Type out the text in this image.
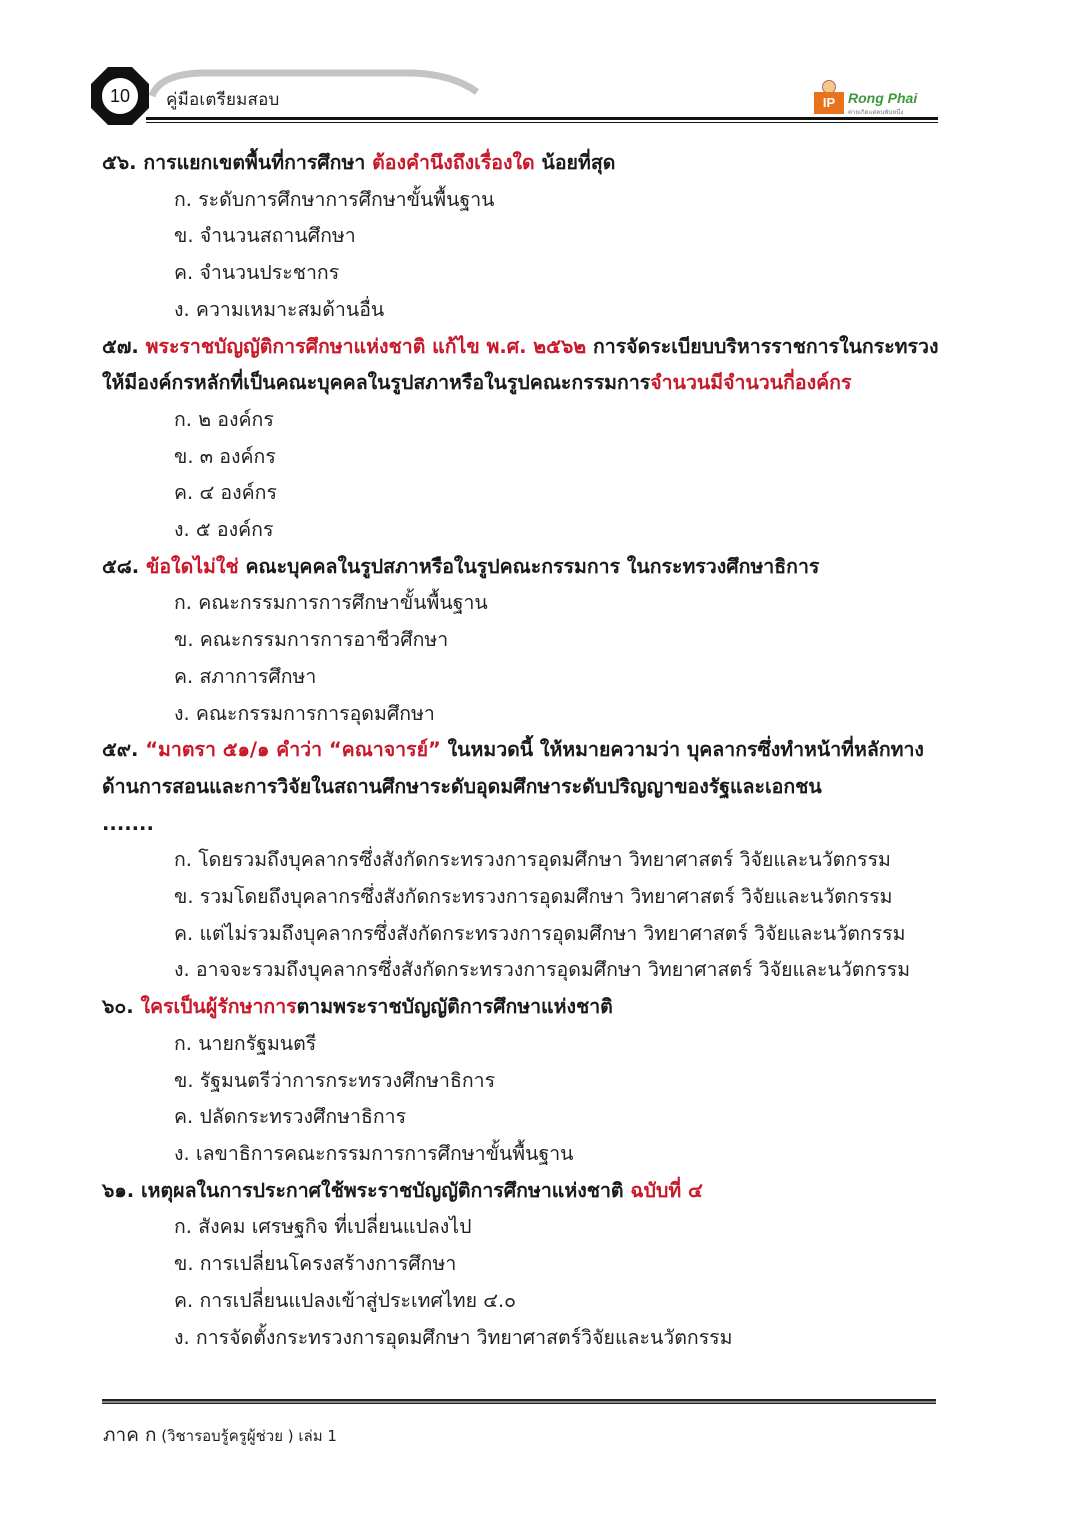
10	คู่มือเตรียมสอบ	IP Rong Phai
ค่ายเกิดแต่คนพันหนึ่ง
๕๖. การแยกเขตพื้นที่การศึกษา ต้องคำนึงถึงเรื่องใด น้อยที่สุด
ก. ระดับการศึกษาการศึกษาขั้นพื้นฐาน
ข. จำนวนสถานศึกษา
ค. จำนวนประชากร
ง. ความเหมาะสมด้านอื่น
๕๗. พระราชบัญญัติการศึกษาแห่งชาติ แก้ไข พ.ศ. ๒๕๖๒ การจัดระเบียบบริหารราชการในกระทรวงให้มีองค์กรหลักที่เป็นคณะบุคคลในรูปสภาหรือในรูปคณะกรรมการจำนวนมีจำนวนกี่องค์กร
ก. ๒ องค์กร
ข. ๓ องค์กร
ค. ๔ องค์กร
ง. ๕ องค์กร
๕๘. ข้อใดไม่ใช่ คณะบุคคลในรูปสภาหรือในรูปคณะกรรมการ ในกระทรวงศึกษาธิการ
ก. คณะกรรมการการศึกษาขั้นพื้นฐาน
ข. คณะกรรมการการอาชีวศึกษา
ค. สภาการศึกษา
ง. คณะกรรมการการอุดมศึกษา
๕๙. “มาตรา ๕๑/๑ คำว่า “คณาจารย์” ในหมวดนี้ ให้หมายความว่า บุคลากรซึ่งทำหน้าที่หลักทางด้านการสอนและการวิจัยในสถานศึกษาระดับอุดมศึกษาระดับปริญญาของรัฐและเอกชน
.......
ก. โดยรวมถึงบุคลากรซึ่งสังกัดกระทรวงการอุดมศึกษา วิทยาศาสตร์ วิจัยและนวัตกรรม
ข. รวมโดยถึงบุคลากรซึ่งสังกัดกระทรวงการอุดมศึกษา วิทยาศาสตร์ วิจัยและนวัตกรรม
ค. แต่ไม่รวมถึงบุคลากรซึ่งสังกัดกระทรวงการอุดมศึกษา วิทยาศาสตร์ วิจัยและนวัตกรรม
ง. อาจจะรวมถึงบุคลากรซึ่งสังกัดกระทรวงการอุดมศึกษา วิทยาศาสตร์ วิจัยและนวัตกรรม
๖๐. ใครเป็นผู้รักษาการตามพระราชบัญญัติการศึกษาแห่งชาติ
ก. นายกรัฐมนตรี
ข. รัฐมนตรีว่าการกระทรวงศึกษาธิการ
ค. ปลัดกระทรวงศึกษาธิการ
ง. เลขาธิการคณะกรรมการการศึกษาขั้นพื้นฐาน
๖๑. เหตุผลในการประกาศใช้พระราชบัญญัติการศึกษาแห่งชาติ ฉบับที่ ๔
ก. สังคม เศรษฐกิจ ที่เปลี่ยนแปลงไป
ข. การเปลี่ยนโครงสร้างการศึกษา
ค. การเปลี่ยนแปลงเข้าสู่ประเทศไทย ๔.๐
ง. การจัดตั้งกระทรวงการอุดมศึกษา วิทยาศาสตร์วิจัยและนวัตกรรม
ภาค ก (วิชารอบรู้ครูผู้ช่วย ) เล่ม 1
